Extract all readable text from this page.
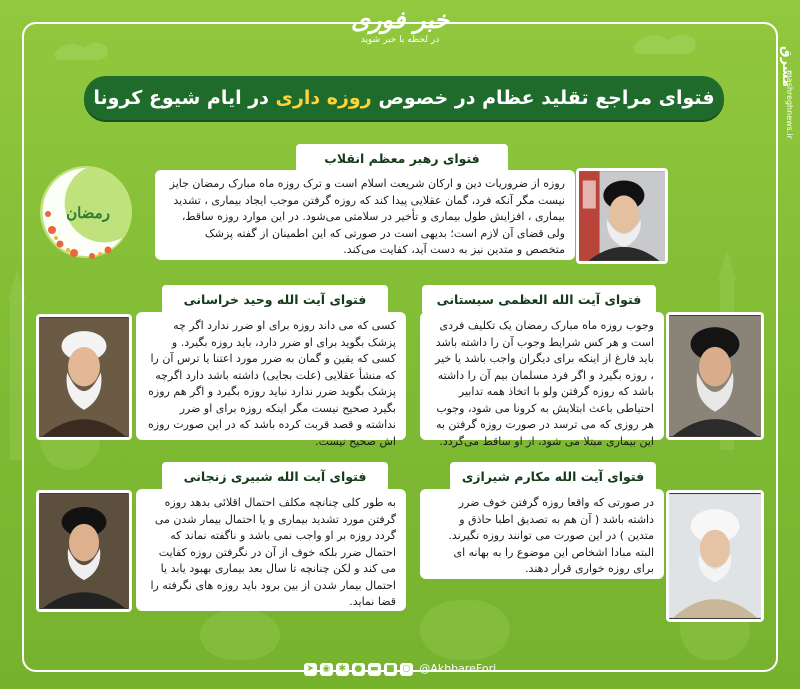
خبر فوری
در لحظه با خبر شوید
مشرق
mashreghnews.ir
فتوای مراجع تقلید عظام در خصوص روزه داری در ایام شیوع کرونا
رمضان
فتوای رهبر معظم انقلاب

روزه از ضروریات دین و ارکان شریعت اسلام است و ترک روزه ماه مبارک رمضان جایز نیست مگر آنکه فرد، گمان عقلایی پیدا کند که روزه گرفتن موجب ایجاد بیماری ، تشدید بیماری ، افزایش طول بیماری و تأخیر در سلامتی می‌شود. در این موارد روزه ساقط، ولی قضای آن لازم است؛ بدیهی است در صورتی که این اطمینان از گفته پزشک متخصص و متدین نیز به دست آید، کفایت می‌کند.

فتوای آیت الله وحید خراسانی

کسی که می داند روزه برای او ضرر ندارد اگر چه پزشک بگوید برای او ضرر دارد، باید روزه بگیرد. و کسی که یقین و گمان به ضرر مورد اعتنا یا ترس آن را که منشأ عقلایی (علت بجایی) داشته باشد دارد اگرچه پزشک بگوید ضرر ندارد نباید روزه بگیرد و اگر هم روزه بگیرد صحیح نیست مگر اینکه روزه برای او ضرر نداشته و قصد قربت کرده باشد که در این صورت روزه اش صحیح نیست.

فتوای آیت الله العظمی سیستانی

وجوب روزه ماه مبارک رمضان یک تکلیف فردی است و هر کس شرایط وجوب آن را داشته باشد باید فارغ از اینکه برای دیگران واجب باشد یا خیر ، روزه بگیرد و اگر فرد مسلمان بیم آن را داشته باشد که روزه گرفتن ولو با اتخاذ همه تدابیر احتیاطی باعث ابتلایش به کرونا می شود، وجوب هر روزی که می ترسد در صورت روزه گرفتن به این بیماری مبتلا می شود، از او ساقط می‌گردد.

فتوای آیت الله شبیری زنجانی

به طور کلی چنانچه مکلف احتمال اقلائی بدهد روزه گرفتن مورد تشدید بیماری و یا احتمال بیمار شدن می گردد روزه بر او واجب نمی باشد و ناگفته نماند که احتمال ضرر بلکه خوف از آن در نگرفتن روزه کفایت می کند و لکن چنانچه تا سال بعد بیماری بهبود یابد یا احتمال بیمار شدن از بین برود باید روزه های نگرفته را قضا نماید.

فتوای آیت الله مکارم شیرازی

در صورتی که واقعا روزه گرفتن خوف ضرر داشته باشد ( آن هم به تصدیق اطبا حاذق و متدین ) در این صورت می توانند روزه نگیرند. البته مبادا اشخاص این موضوع را به بهانه ای برای روزه خواری قرار دهند.

➤ ◉ ✱ ● ▬ ■ ○ @AkhbareFori
